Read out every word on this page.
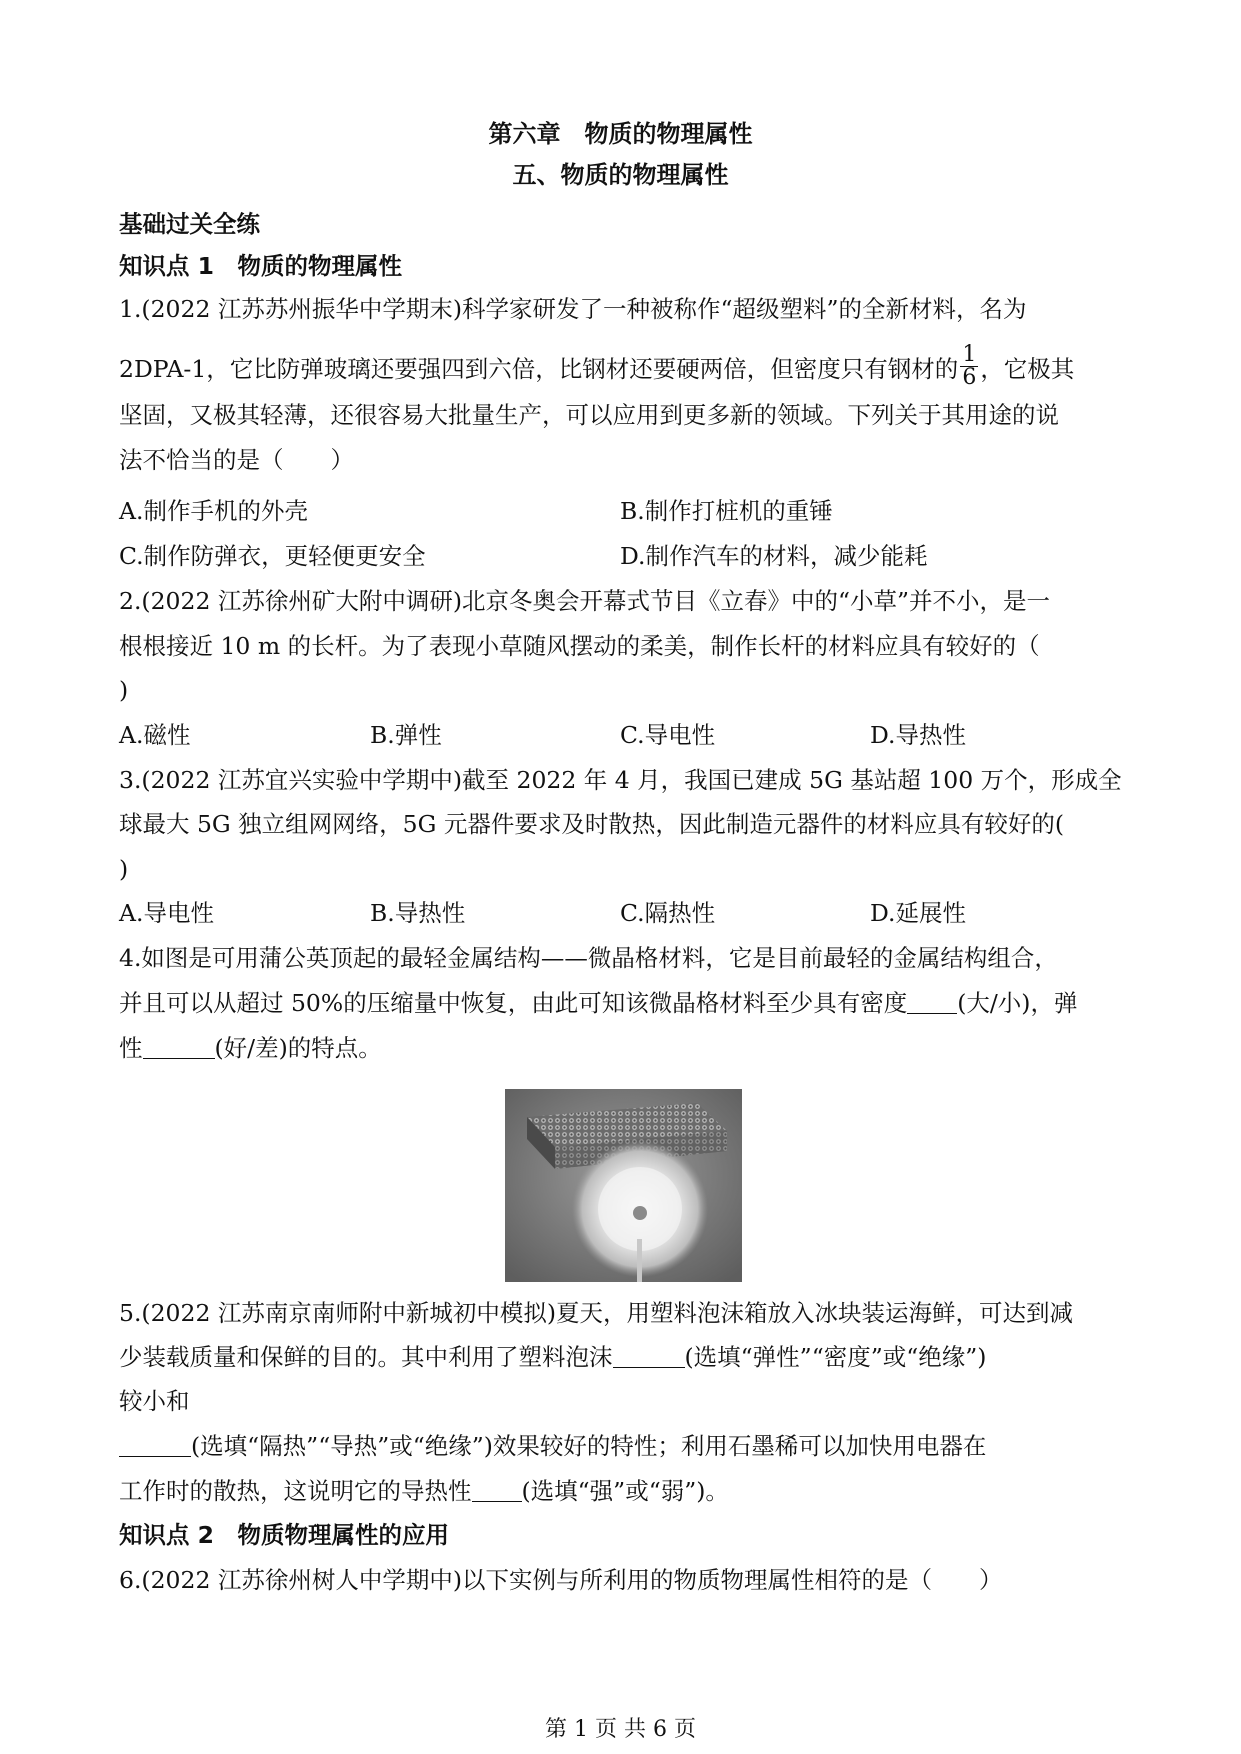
第六章　物质的物理属性
五、物质的物理属性
基础过关全练
知识点 1　物质的物理属性
1.(2022 江苏苏州振华中学期末)科学家研发了一种被称作“超级塑料”的全新材料，名为
2DPA-1，它比防弹玻璃还要强四到六倍，比钢材还要硬两倍，但密度只有钢材的 $\frac{1}{6}$ ，它极其
坚固，又极其轻薄，还很容易大批量生产，可以应用到更多新的领域。下列关于其用途的说
法不恰当的是（　　）
A.制作手机的外壳	B.制作打桩机的重锤
C.制作防弹衣，更轻便更安全	D.制作汽车的材料，减少能耗
2.(2022 江苏徐州矿大附中调研)北京冬奥会开幕式节目《立春》中的“小草”并不小，是一
根根接近 10 m 的长杆。为了表现小草随风摆动的柔美，制作长杆的材料应具有较好的（
)
A.磁性	B.弹性	C.导电性	D.导热性
3.(2022 江苏宜兴实验中学期中)截至 2022 年 4 月，我国已建成 5G 基站超 100 万个，形成全
球最大 5G 独立组网网络，5G 元器件要求及时散热，因此制造元器件的材料应具有较好的(
)
A.导电性	B.导热性	C.隔热性	D.延展性
4.如图是可用蒲公英顶起的最轻金属结构——微晶格材料，它是目前最轻的金属结构组合，
并且可以从超过 50%的压缩量中恢复，由此可知该微晶格材料至少具有密度 (大/小)，弹
性	(好/差)的特点。
5.(2022 江苏南京南师附中新城初中模拟)夏天，用塑料泡沫箱放入冰块装运海鲜，可达到减
少装载质量和保鲜的目的。其中利用了塑料泡沫	(选填“弹性”“密度”或“绝缘”)
较小和
(选填“隔热”“导热”或“绝缘”)效果较好的特性；利用石墨稀可以加快用电器在
工作时的散热，这说明它的导热性 (选填“强”或“弱”)。
知识点 2　物质物理属性的应用
6.(2022 江苏徐州树人中学期中)以下实例与所利用的物质物理属性相符的是（　　）
第 1 页 共 6 页
